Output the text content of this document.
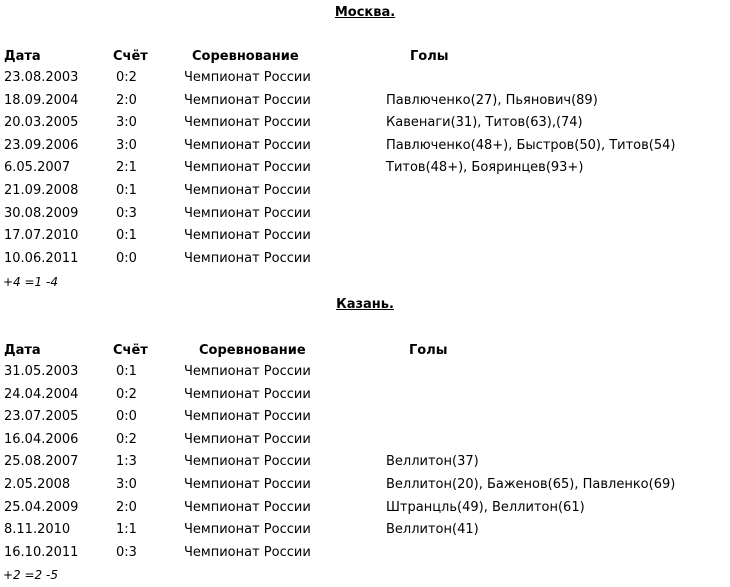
Москва.
Дата	Счёт	Соревнование	Голы
23.08.2003	0:2	Чемпионат России
18.09.2004	2:0	Чемпионат России	Павлюченко(27), Пьянович(89)
20.03.2005	3:0	Чемпионат России	Кавенаги(31), Титов(63),(74)
23.09.2006	3:0	Чемпионат России	Павлюченко(48+), Быстров(50), Титов(54)
6.05.2007	2:1	Чемпионат России	Титов(48+), Бояринцев(93+)
21.09.2008	0:1	Чемпионат России
30.08.2009	0:3	Чемпионат России
17.07.2010	0:1	Чемпионат России
10.06.2011	0:0	Чемпионат России
+4 =1 -4
Казань.
Дата	Счёт	Соревнование	Голы
31.05.2003	0:1	Чемпионат России
24.04.2004	0:2	Чемпионат России
23.07.2005	0:0	Чемпионат России
16.04.2006	0:2	Чемпионат России
25.08.2007	1:3	Чемпионат России	Веллитон(37)
2.05.2008	3:0	Чемпионат России	Веллитон(20), Баженов(65), Павленко(69)
25.04.2009	2:0	Чемпионат России	Штранцль(49), Веллитон(61)
8.11.2010	1:1	Чемпионат России	Веллитон(41)
16.10.2011	0:3	Чемпионат России
+2 =2 -5
